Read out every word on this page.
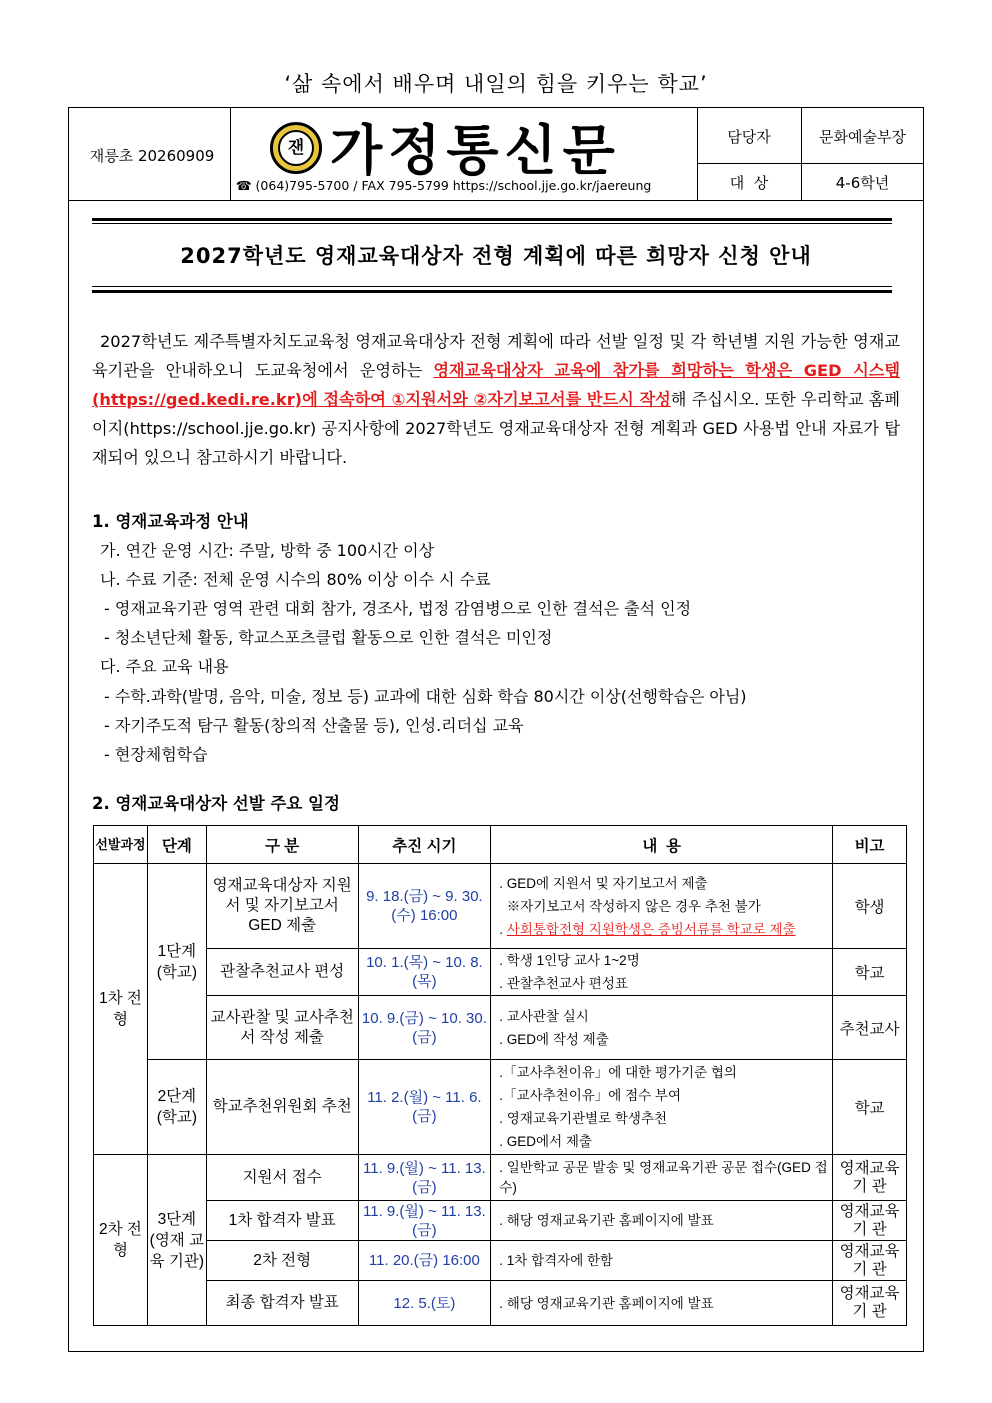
‘삶 속에서 배우며 내일의 힘을 키우는 학교’
재릉초 20260909	잰 가정통신문
☎ (064)795-5700 / FAX 795-5799 https://school.jje.go.kr/jaereung
담당자	문화예술부장
대  상	4-6학년
2027학년도 영재교육대상자 전형 계획에 따른 희망자 신청 안내
2027학년도 제주특별자치도교육청 영재교육대상자 전형 계획에 따라 선발 일정 및 각 학년별 지원 가능한 영재교육기관을 안내하오니 도교육청에서 운영하는 영재교육대상자 교육에 참가를 희망하는 학생은 GED 시스템(https://ged.kedi.re.kr)에 접속하여 ①지원서와 ②자기보고서를 반드시 작성해 주십시오. 또한 우리학교 홈페이지(https://school.jje.go.kr) 공지사항에 2027학년도 영재교육대상자 전형 계획과 GED 사용법 안내 자료가 탑재되어 있으니 참고하시기 바랍니다.
1. 영재교육과정 안내
가. 연간 운영 시간: 주말, 방학 중 100시간 이상
나. 수료 기준: 전체 운영 시수의 80% 이상 이수 시 수료
- 영재교육기관 영역 관련 대회 참가, 경조사, 법정 감염병으로 인한 결석은 출석 인정
- 청소년단체 활동, 학교스포츠클럽 활동으로 인한 결석은 미인정
다. 주요 교육 내용
- 수학.과학(발명, 음악, 미술, 정보 등) 교과에 대한 심화 학습 80시간 이상(선행학습은 아님)
- 자기주도적 탐구 활동(창의적 산출물 등), 인성.리더십 교육
- 현장체험학습
2. 영재교육대상자 선발 주요 일정
선발과정	단계	구 분	추진 시기	내  용	비고
1차 전형	1단계 (학교)	영재교육대상자 지원서 및 자기보고서 GED 제출	9. 18.(금) ~ 9. 30.(수) 16:00	. GED에 지원서 및 자기보고서 제출
※자기보고서 작성하지 않은 경우 추천 불가
. 사회통합전형 지원학생은 증빙서류를 학교로 제출	학생
		관찰추천교사 편성	10. 1.(목) ~ 10. 8.(목)	. 학생 1인당 교사 1~2명
. 관찰추천교사 편성표	학교
		교사관찰 및 교사추천서 작성 제출	10. 9.(금) ~ 10. 30.(금)	. 교사관찰 실시
. GED에 작성 제출	추천교사
	2단계 (학교)	학교추천위원회 추천	11. 2.(월) ~ 11. 6.(금)	.「교사추천이유」에 대한 평가기준 협의
.「교사추천이유」에 점수 부여
. 영재교육기관별로 학생추천
. GED에서 제출	학교
2차 전형	3단계 (영재 교육 기관)	지원서 접수	11. 9.(월) ~ 11. 13.(금)	. 일반학교 공문 발송 및 영재교육기관 공문 접수(GED 접수)	영재교육기 관
		1차 합격자 발표	11. 9.(월) ~ 11. 13.(금)	. 해당 영재교육기관 홈페이지에 발표	영재교육기 관
		2차 전형	11. 20.(금) 16:00	. 1차 합격자에 한함	영재교육기 관
		최종 합격자 발표	12. 5.(토)	. 해당 영재교육기관 홈페이지에 발표	영재교육기 관
